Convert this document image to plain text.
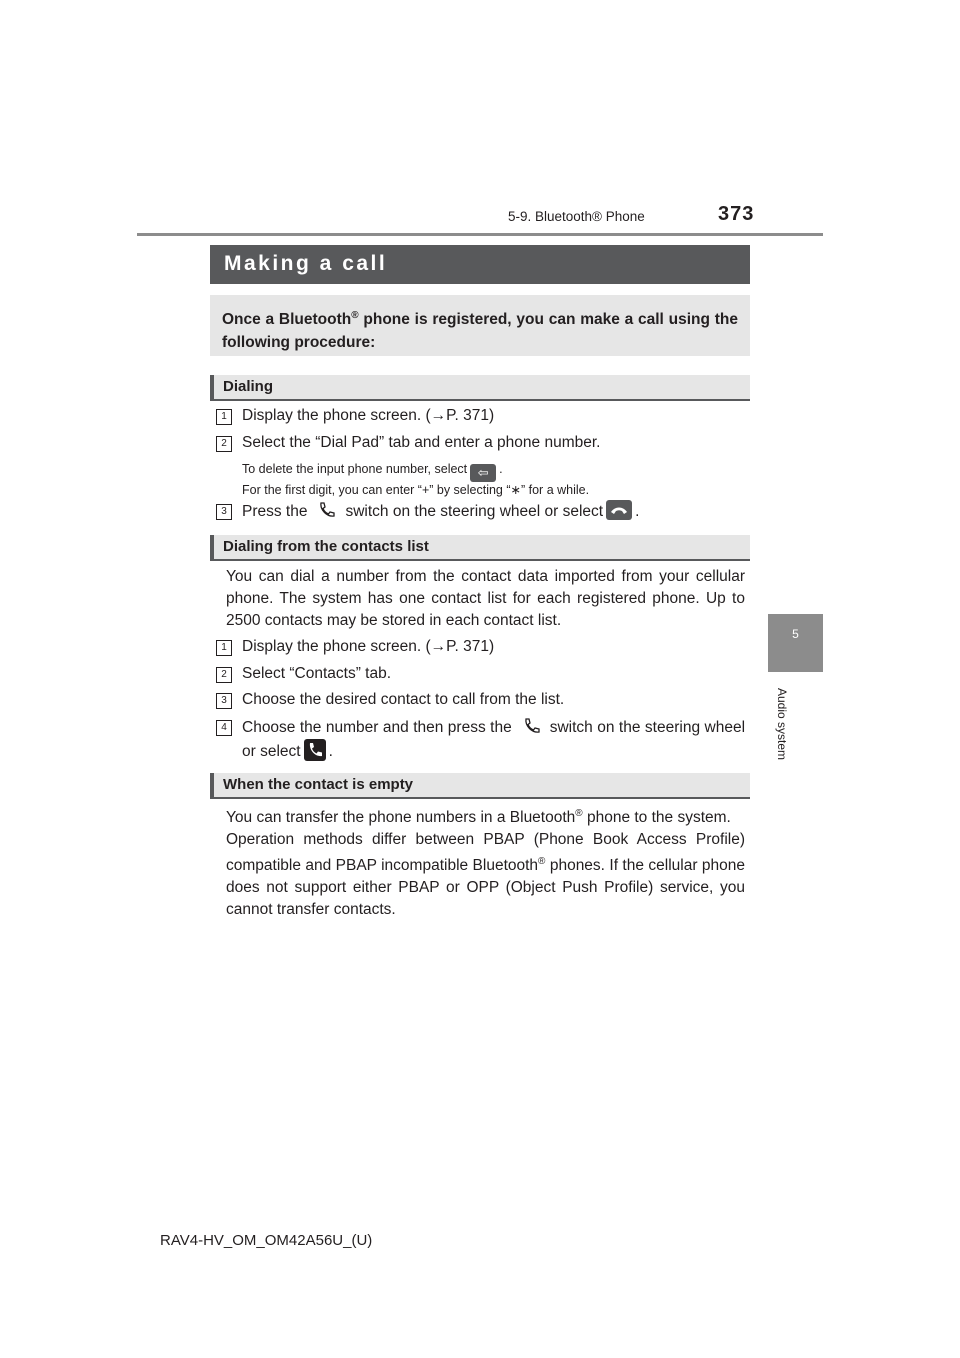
5-9. Bluetooth® Phone	373
5
Audio system
Making a call

Once a Bluetooth® phone is registered, you can make a call using the following procedure:

Dialing
1 Display the phone screen. (→P. 371)
2 Select the “Dial Pad” tab and enter a phone number.
To delete the input phone number, select ⇦ .
For the first digit, you can enter “+” by selecting “∗” for a while.
3 Press the switch on the steering wheel or select .
Dialing from the contacts list

You can dial a number from the contact data imported from your cellular phone. The system has one contact list for each registered phone. Up to 2500 contacts may be stored in each contact list.

1 Display the phone screen. (→P. 371)
2 Select “Contacts” tab.
3 Choose the desired contact to call from the list.
4 Choose the number and then press the switch on the steering wheel or select .
When the contact is empty

You can transfer the phone numbers in a Bluetooth® phone to the system.

Operation methods differ between PBAP (Phone Book Access Profile) compatible and PBAP incompatible Bluetooth® phones. If the cellular phone does not support either PBAP or OPP (Object Push Profile) service, you cannot transfer contacts.

RAV4-HV_OM_OM42A56U_(U)
